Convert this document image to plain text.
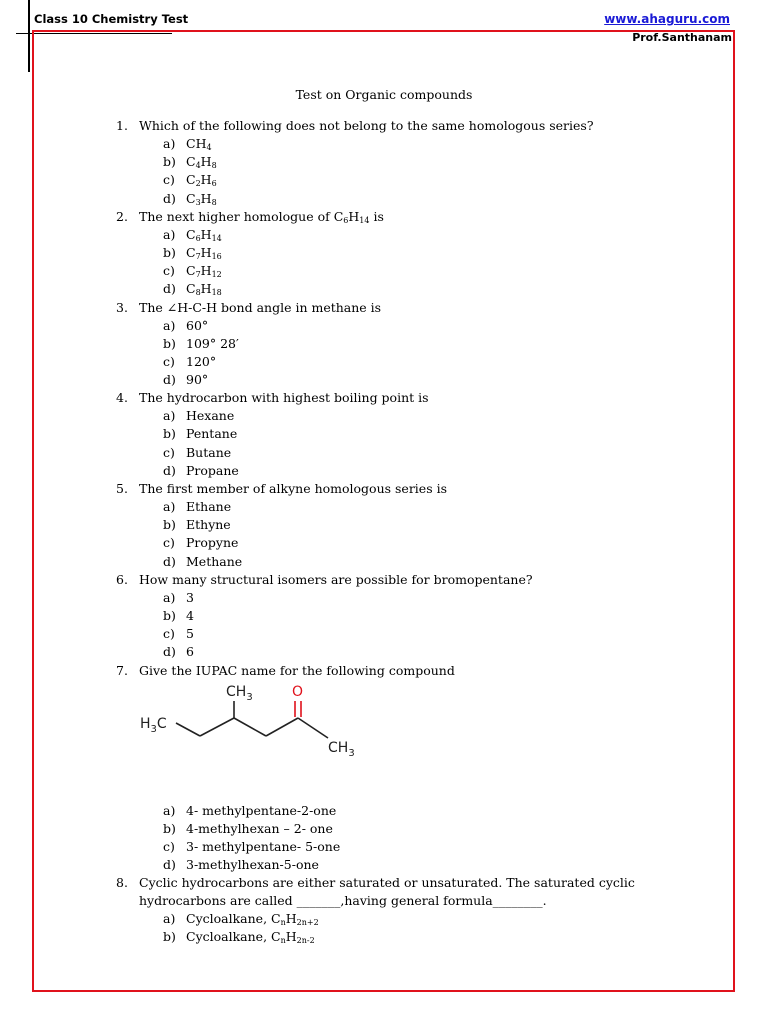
Class 10 Chemistry Test	www.ahaguru.com
Prof.Santhanam
Test on Organic compounds
1. Which of the following does not belong to the same homologous series?
a) $CH_4$
b) $C_4H_8$
c) $C_2H_6$
d) $C_3H_8$
2. The next higher homologue of $C_6H_{14}$ is
a) $C_6H_{14}$
b) $C_7H_{16}$
c) $C_7H_{12}$
d) $C_8H_{18}$
3. The ∠H-C-H bond angle in methane is
a) 60°
b) 109° 28′
c) 120°
d) 90°
4. The hydrocarbon with highest boiling point is
a) Hexane
b) Pentane
c) Butane
d) Propane
5. The first member of alkyne homologous series is
a) Ethane
b) Ethyne
c) Propyne
d) Methane
6. How many structural isomers are possible for bromopentane?
a) 3
b) 4
c) 5
d) 6
7. Give the IUPAC name for the following compound
$H_3C$
$CH_3$
$CH_3$
O
a) 4- methylpentane-2-one
b) 4-methylhexan – 2- one
c) 3- methylpentane- 5-one
d) 3-methylhexan-5-one
8. Cyclic hydrocarbons are either saturated or unsaturated. The saturated cyclic
hydrocarbons are called _______,having general formula________.
a) Cycloalkane, $C_nH_{2n+2}$
b) Cycloalkane, $C_nH_{2n-2}$
